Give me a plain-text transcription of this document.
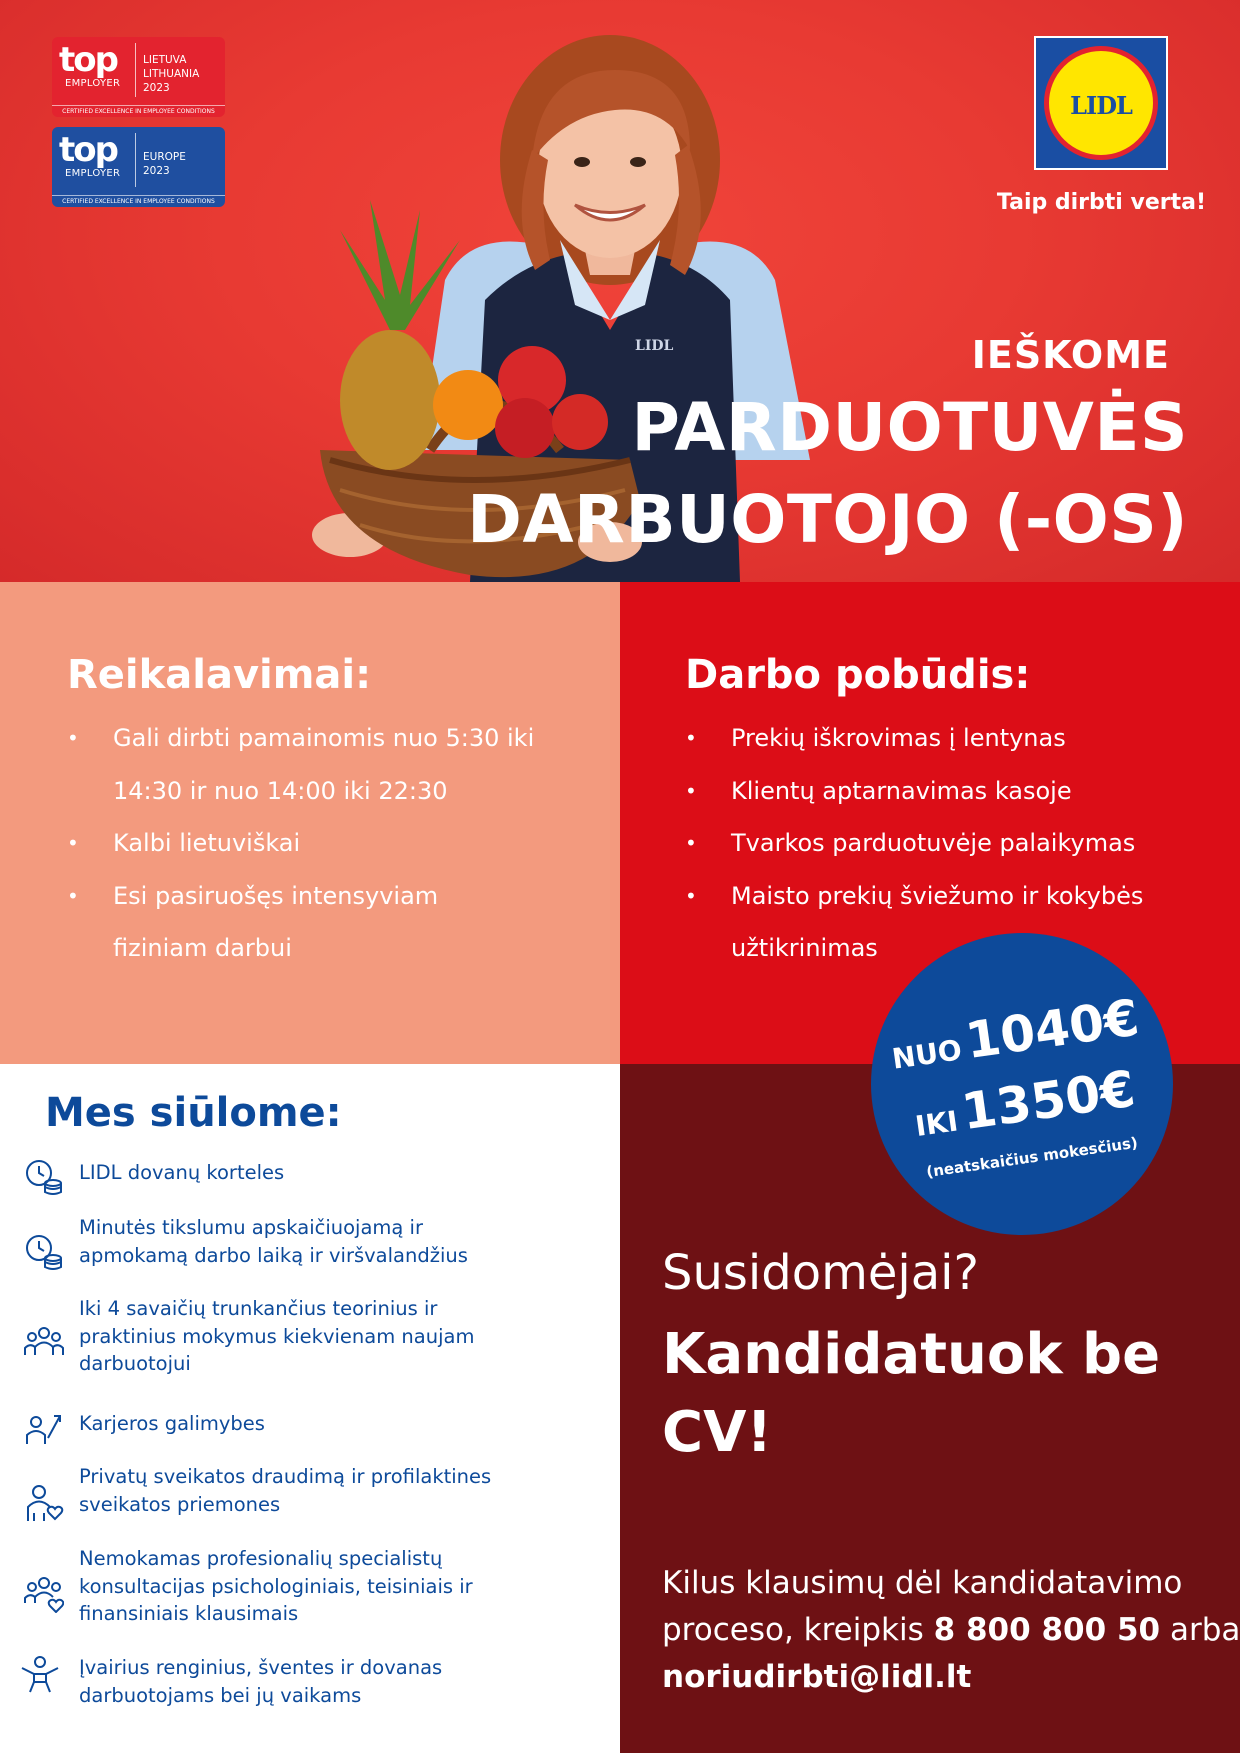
top
EMPLOYER
LIETUVA
LITHUANIA
2023
CERTIFIED EXCELLENCE IN EMPLOYEE CONDITIONS
top
EMPLOYER
EUROPE
2023
CERTIFIED EXCELLENCE IN EMPLOYEE CONDITIONS
LIDL
LIDL
Taip dirbti verta!
IEŠKOME
PARDUOTUVĖS
DARBUOTOJO (-OS)
Reikalavimai:
• Gali dirbti pamainomis nuo 5:30 iki 14:30 ir nuo 14:00 iki 22:30
• Kalbi lietuviškai
• Esi pasiruošęs intensyviam fiziniam darbui
Darbo pobūdis:
• Prekių iškrovimas į lentynas
• Klientų aptarnavimas kasoje
• Tvarkos parduotuvėje palaikymas
• Maisto prekių šviežumo ir kokybės užtikrinimas
Mes siūlome:
LIDL dovanų korteles
Minutės tikslumu apskaičiuojamą ir apmokamą darbo laiką ir viršvalandžius
Iki 4 savaičių trunkančius teorinius ir praktinius mokymus kiekvienam naujam darbuotojui
Karjeros galimybes
Privatų sveikatos draudimą ir profilaktines sveikatos priemones
Nemokamas profesionalių specialistų konsultacijas psichologiniais, teisiniais ir finansiniais klausimais
Įvairius renginius, šventes ir dovanas darbuotojams bei jų vaikams
Susidomėjai?
Kandidatuok be CV!
Kilus klausimų dėl kandidatavimo
proceso, kreipkis 8 800 800 50 arba
noriudirbti@lidl.lt
NUO 1040€
IKI 1350€
(neatskaičius mokesčius)
